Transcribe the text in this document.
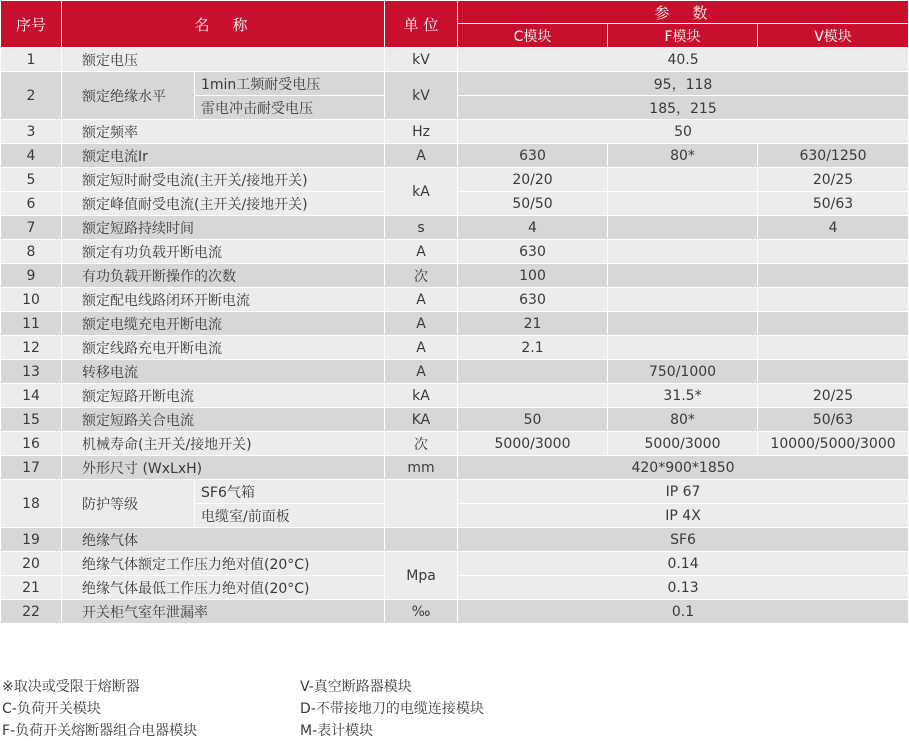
序号	名　称		单 位	参　数		
				C模块	F模块	V模块
1	额定电压		kV	40.5		
2	额定绝缘水平	1min工频耐受电压	kV	95，118		
		雷电冲击耐受电压		185，215		
3	额定频率		Hz	50		
4	额定电流Ir		A	630	80*	630/1250
5	额定短时耐受电流(主开关/接地开关)		kA	20/20		20/25
6	额定峰值耐受电流(主开关/接地开关)			50/50		50/63
7	额定短路持续时间		s	4		4
8	额定有功负载开断电流		A	630		
9	有功负载开断操作的次数		次	100		
10	额定配电线路闭环开断电流		A	630		
11	额定电缆充电开断电流		A	21		
12	额定线路充电开断电流		A	2.1		
13	转移电流		A		750/1000	
14	额定短路开断电流		kA		31.5*	20/25
15	额定短路关合电流		KA	50	80*	50/63
16	机械寿命(主开关/接地开关)		次	5000/3000	5000/3000	10000/5000/3000
17	外形尺寸 (WxLxH)		mm	420*900*1850		
18	防护等级	SF6气箱		IP 67		
		电缆室/前面板		IP 4X		
19	绝缘气体			SF6		
20	绝缘气体额定工作压力绝对值(20°C)		Mpa	0.14		
21	绝缘气体最低工作压力绝对值(20°C)			0.13		
22	开关柜气室年泄漏率		‰	0.1		
※取决或受限于熔断器
C-负荷开关模块
F-负荷开关熔断器组合电器模块
V-真空断路器模块
D-不带接地刀的电缆连接模块
M-表计模块
